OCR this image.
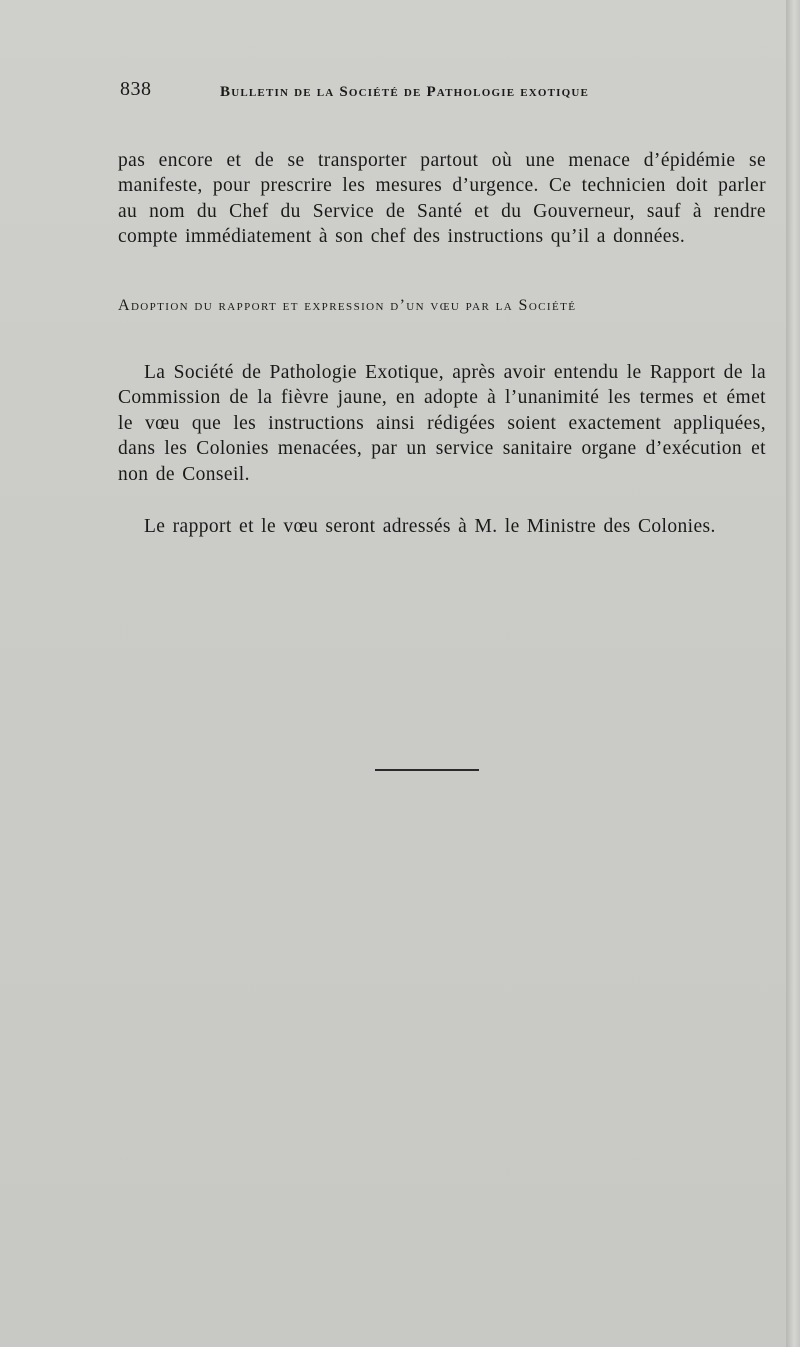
838	Bulletin de la Société de Pathologie exotique

pas encore et de se transporter partout où une menace d’épidémie se manifeste, pour prescrire les mesures d’urgence. Ce technicien doit parler au nom du Chef du Service de Santé et du Gouverneur, sauf à rendre compte immédiatement à son chef des instructions qu’il a données.

Adoption du rapport et expression d’un vœu par la Société

La Société de Pathologie Exotique, après avoir entendu le Rapport de la Commission de la fièvre jaune, en adopte à l’unanimité les termes et émet le vœu que les instructions ainsi rédigées soient exactement appliquées, dans les Colonies menacées, par un service sanitaire organe d’exécution et non de Conseil.

Le rapport et le vœu seront adressés à M. le Ministre des Colonies.
